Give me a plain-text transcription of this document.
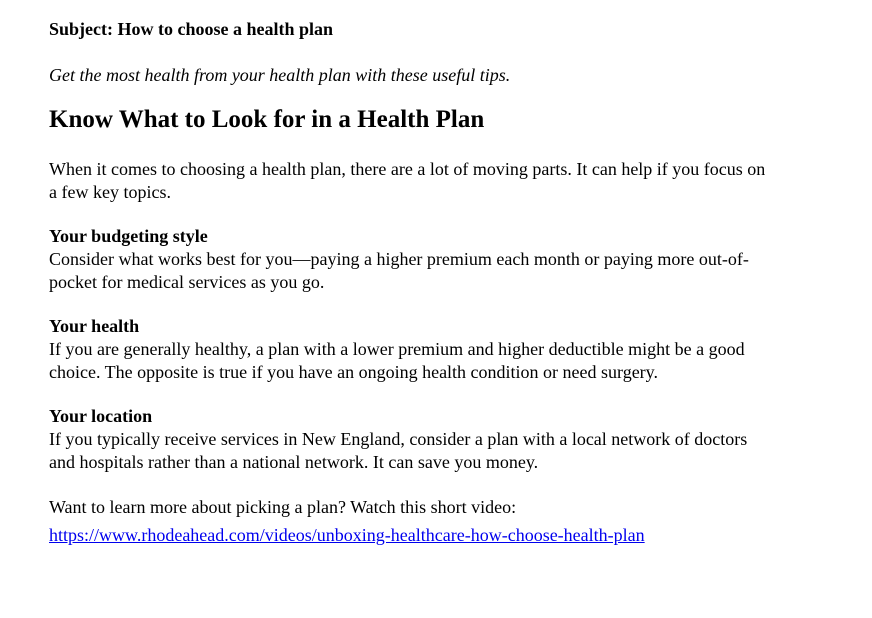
Subject: How to choose a health plan

Get the most health from your health plan with these useful tips.

Know What to Look for in a Health Plan

When it comes to choosing a health plan, there are a lot of moving parts. It can help if you focus on a few key topics.

Your budgeting style

Consider what works best for you—paying a higher premium each month or paying more out-of-pocket for medical services as you go.

Your health

If you are generally healthy, a plan with a lower premium and higher deductible might be a good choice. The opposite is true if you have an ongoing health condition or need surgery.

Your location

If you typically receive services in New England, consider a plan with a local network of doctors and hospitals rather than a national network. It can save you money.

Want to learn more about picking a plan? Watch this short video:

https://www.rhodeahead.com/videos/unboxing-healthcare-how-choose-health-plan
